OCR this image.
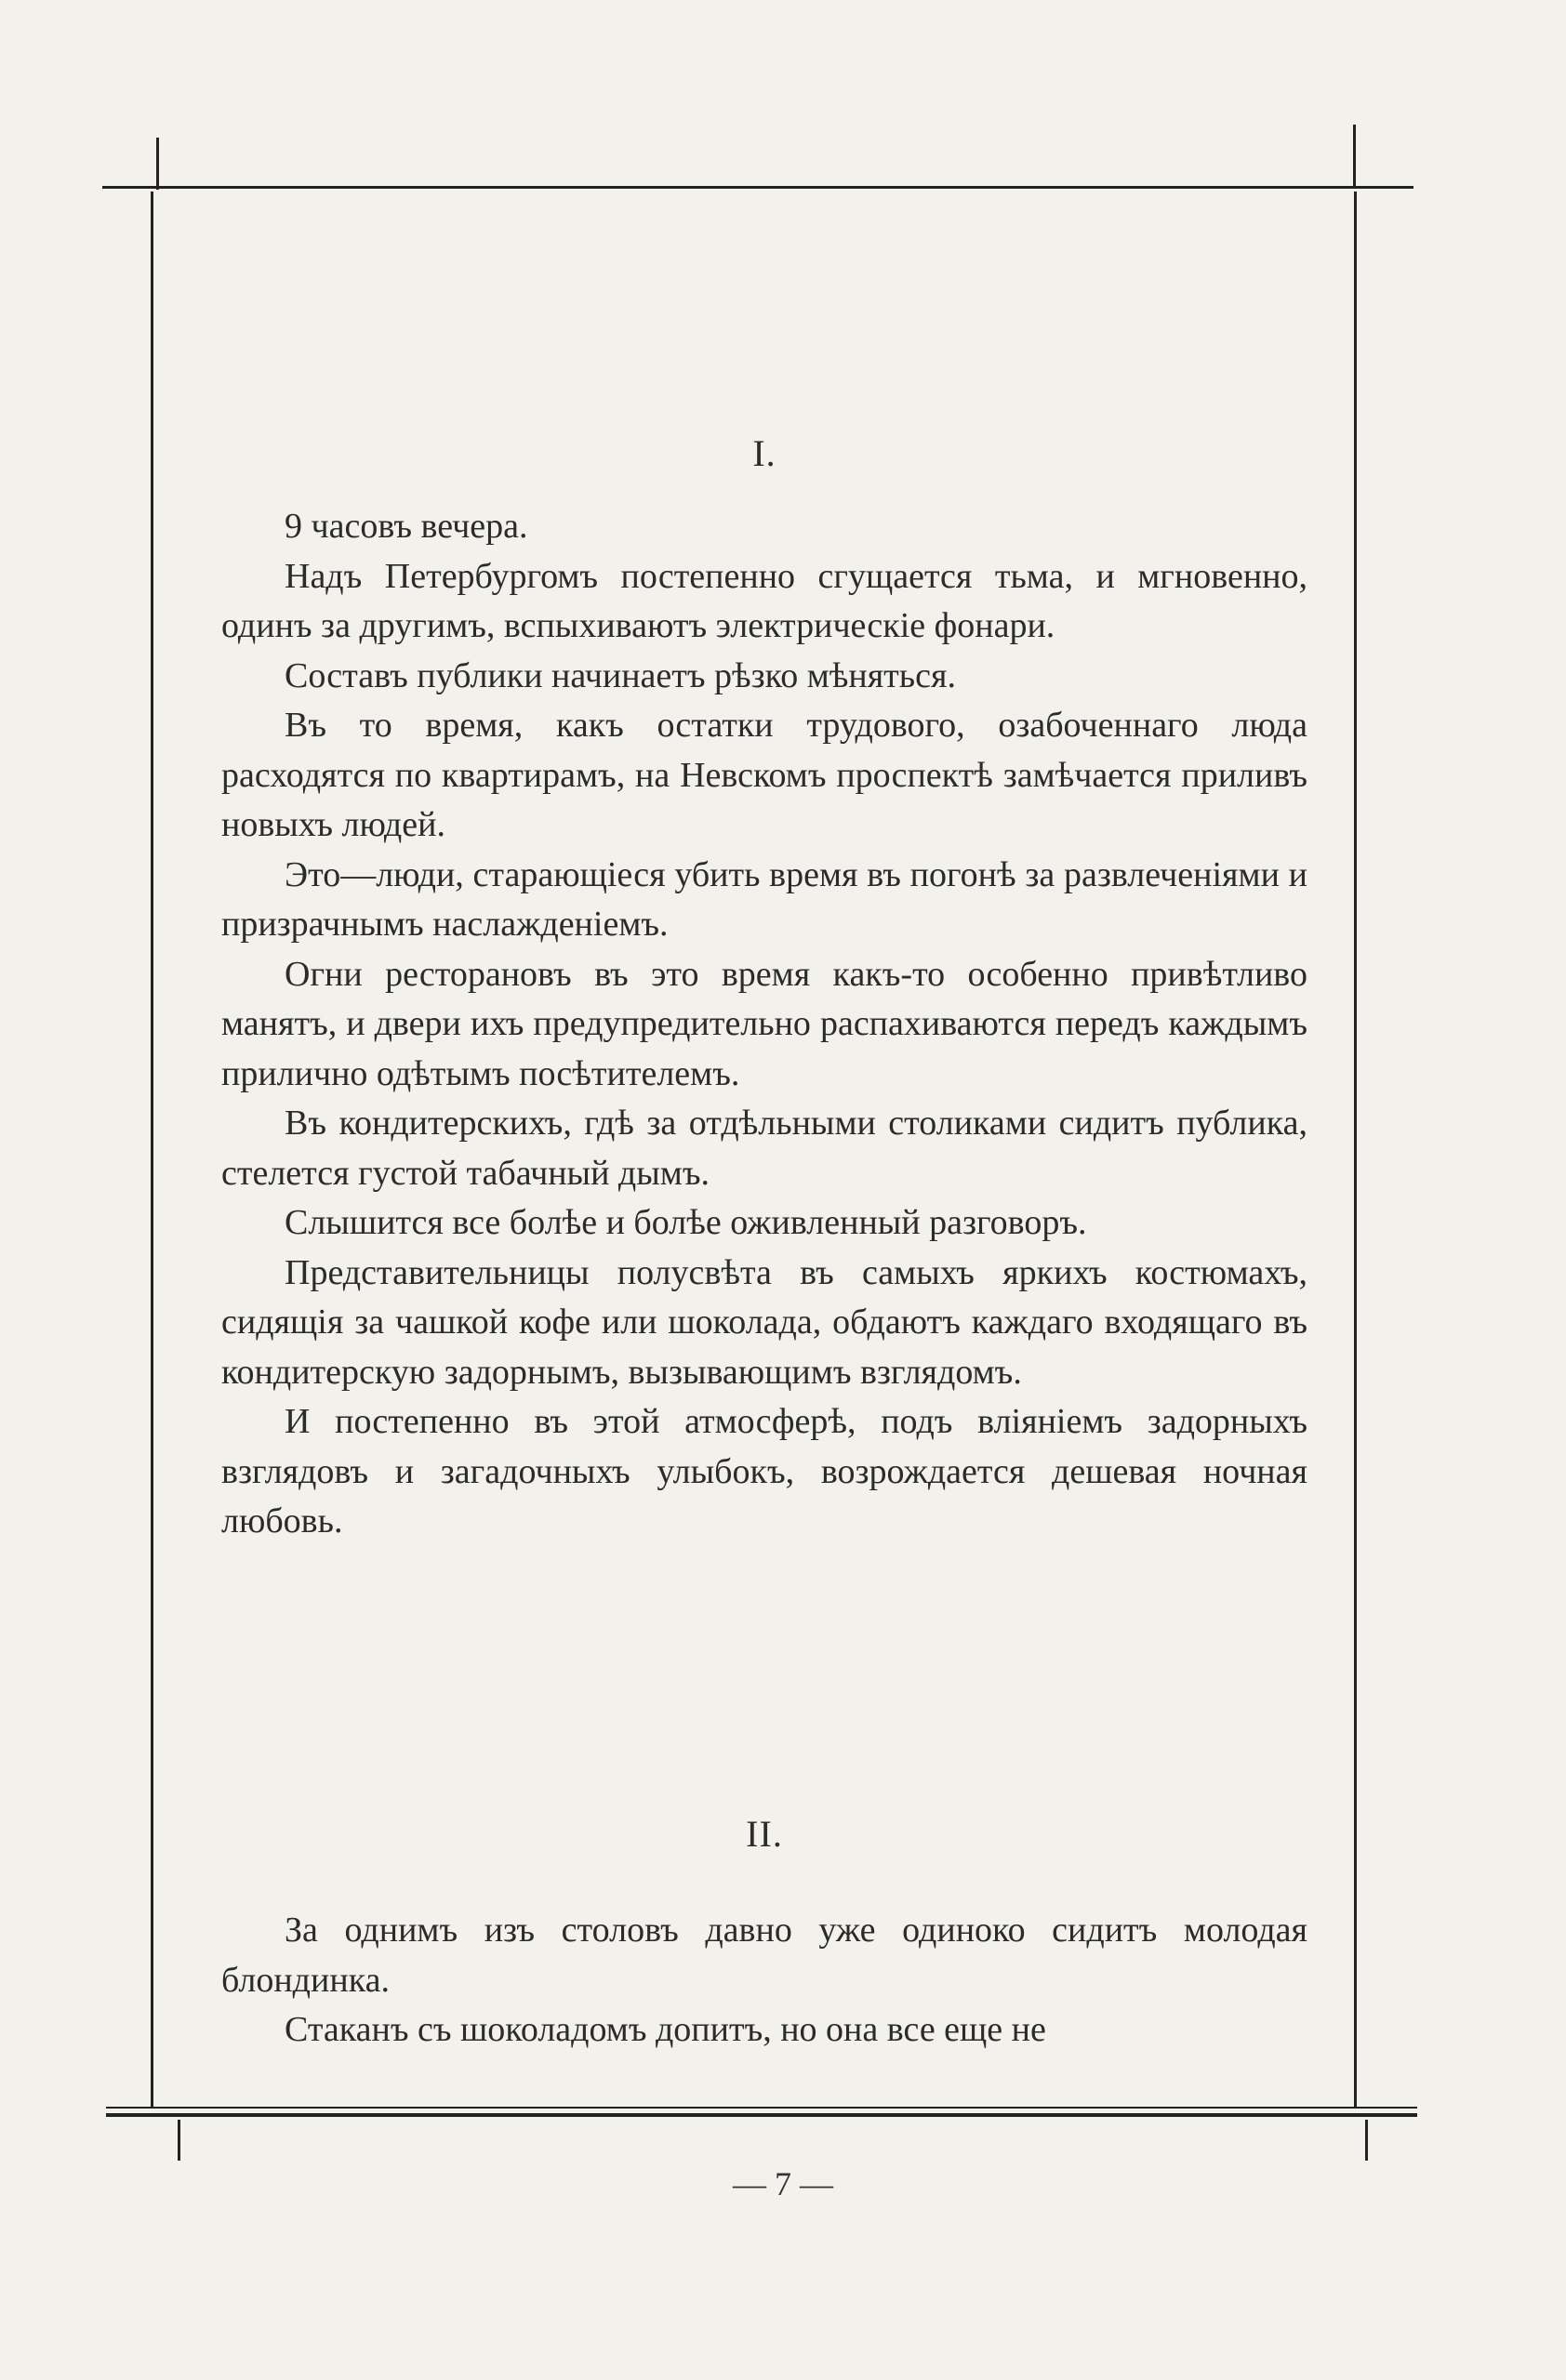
I.

9 часовъ вечера.

Надъ Петербургомъ постепенно сгущается тьма, и мгновенно, одинъ за другимъ, вспыхиваютъ электрическіе фонари.

Составъ публики начинаетъ рѣзко мѣняться.

Въ то время, какъ остатки трудового, озабоченнаго люда расходятся по квартирамъ, на Невскомъ проспектѣ замѣчается приливъ новыхъ людей.

Это—люди, старающіеся убить время въ погонѣ за развлеченіями и призрачнымъ наслажденіемъ.

Огни ресторановъ въ это время какъ-то особенно привѣтливо манятъ, и двери ихъ предупредительно распахиваются передъ каждымъ прилично одѣтымъ посѣтителемъ.

Въ кондитерскихъ, гдѣ за отдѣльными столиками сидитъ публика, стелется густой табачный дымъ.

Слышится все болѣе и болѣе оживленный разговоръ.

Представительницы полусвѣта въ самыхъ яркихъ костюмахъ, сидящія за чашкой кофе или шоколада, обдаютъ каждаго входящаго въ кондитерскую задорнымъ, вызывающимъ взглядомъ.

И постепенно въ этой атмосферѣ, подъ вліяніемъ задорныхъ взглядовъ и загадочныхъ улыбокъ, возрождается дешевая ночная любовь.

II.

За однимъ изъ столовъ давно уже одиноко сидитъ молодая блондинка.

Стаканъ съ шоколадомъ допитъ, но она все еще не

— 7 —
